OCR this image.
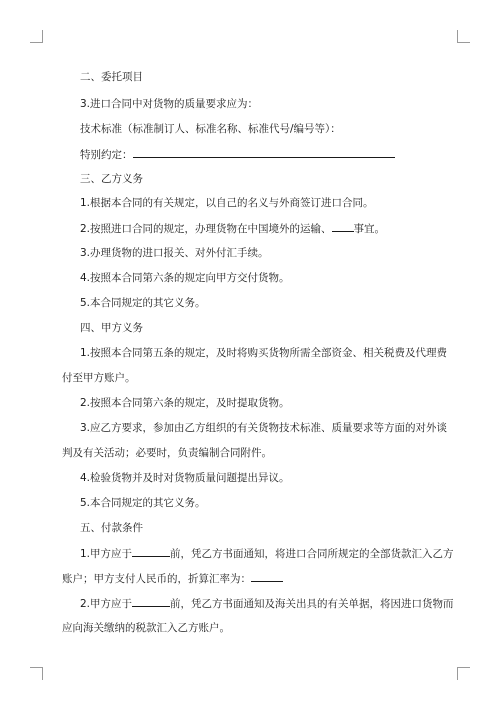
二、委托项目
3.进口合同中对货物的质量要求应为：
技术标准（标准制订人、标准名称、标准代号/编号等）：
特别约定：
三、乙方义务
1.根据本合同的有关规定，以自己的名义与外商签订进口合同。
2.按照进口合同的规定，办理货物在中国境外的运输、 事宜。
3.办理货物的进口报关、对外付汇手续。
4.按照本合同第六条的规定向甲方交付货物。
5.本合同规定的其它义务。
四、甲方义务
1.按照本合同第五条的规定，及时将购买货物所需全部资金、相关税费及代理费
付至甲方账户。
2.按照本合同第六条的规定，及时提取货物。
3.应乙方要求，参加由乙方组织的有关货物技术标准、质量要求等方面的对外谈
判及有关活动；必要时，负责编制合同附件。
4.检验货物并及时对货物质量问题提出异议。
5.本合同规定的其它义务。
五、付款条件
1.甲方应于	前，凭乙方书面通知，将进口合同所规定的全部货款汇入乙方
账户；甲方支付人民币的，折算汇率为：
2.甲方应于	前，凭乙方书面通知及海关出具的有关单据，将因进口货物而
应向海关缴纳的税款汇入乙方账户。
